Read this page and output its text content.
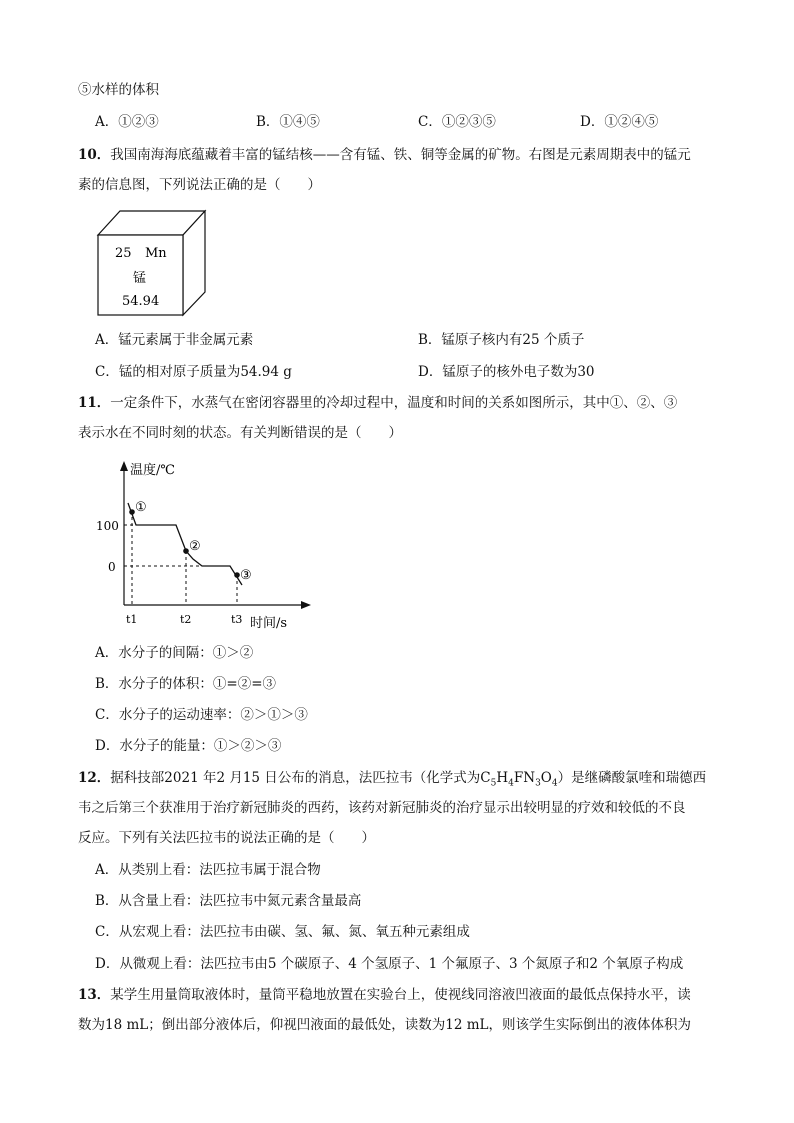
⑤水样的体积
A．①②③	B．①④⑤	C．①②③⑤	D．①②④⑤
10．我国南海海底蕴藏着丰富的锰结核——含有锰、铁、铜等金属的矿物。右图是元素周期表中的锰元
素的信息图，下列说法正确的是（　　）
25 Mn
锰
54.94
A．锰元素属于非金属元素	B．锰原子核内有25 个质子
C．锰的相对原子质量为54.94 g	D．锰原子的核外电子数为30
11．一定条件下，水蒸气在密闭容器里的冷却过程中，温度和时间的关系如图所示，其中①、②、③
表示水在不同时刻的状态。有关判断错误的是（　　）
温度/℃
时间/s
100
0
t1	t2	t3
①
②
③
A．水分子的间隔：①＞②
B．水分子的体积：①=②=③
C．水分子的运动速率：②＞①＞③
D．水分子的能量：①＞②＞③
12．据科技部2021 年2 月15 日公布的消息，法匹拉韦（化学式为$C_5H_4FN_3O_4$）是继磷酸氯喹和瑞德西
韦之后第三个获准用于治疗新冠肺炎的西药，该药对新冠肺炎的治疗显示出较明显的疗效和较低的不良
反应。下列有关法匹拉韦的说法正确的是（　　）
A．从类别上看：法匹拉韦属于混合物
B．从含量上看：法匹拉韦中氮元素含量最高
C．从宏观上看：法匹拉韦由碳、氢、氟、氮、氧五种元素组成
D．从微观上看：法匹拉韦由5 个碳原子、4 个氢原子、1 个氟原子、3 个氮原子和2 个氧原子构成
13．某学生用量筒取液体时，量筒平稳地放置在实验台上，使视线同溶液凹液面的最低点保持水平，读
数为18 mL；倒出部分液体后，仰视凹液面的最低处，读数为12 mL，则该学生实际倒出的液体体积为
